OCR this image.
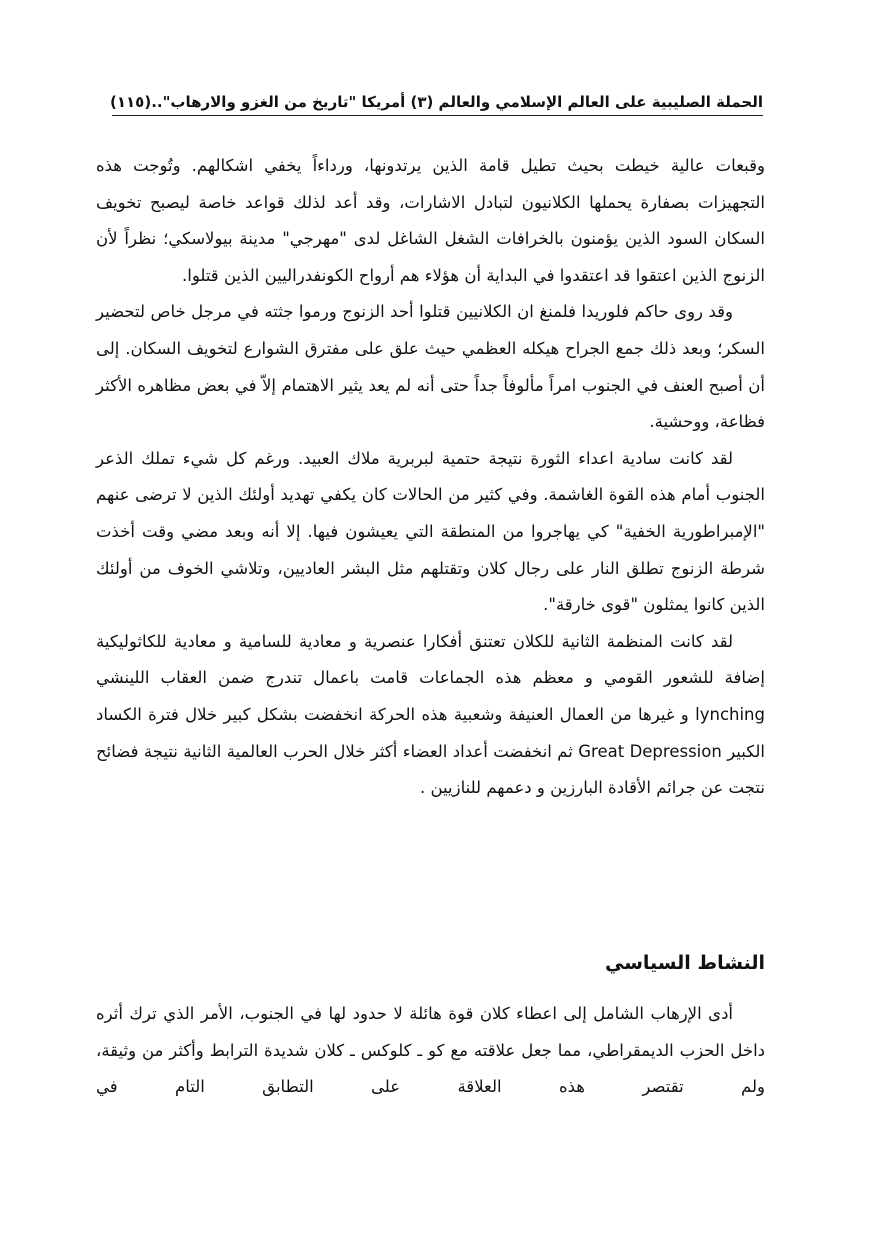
الحملة الصليبية على العالم الإسلامي والعالم (٣) أمريكا "تاريخ من الغزو والارهاب"..
(١١٥)

وقبعات عالية خيطت بحيث تطيل قامة الذين يرتدونها، ورداءاً يخفي اشكالهم. وتُوجت هذه التجهيزات بصفارة يحملها الكلانيون لتبادل الاشارات، وقد أعد لذلك قواعد خاصة ليصبح تخويف السكان السود الذين يؤمنون بالخرافات الشغل الشاغل لدى "مهرجي" مدينة بيولاسكي؛ نظراً لأن الزنوج الذين اعتقوا قد اعتقدوا في البداية أن هؤلاء هم أرواح الكونفدراليين الذين قتلوا.

وقد روى حاكم فلوريدا فلمنغ ان الكلانيين قتلوا أحد الزنوج ورموا جثته في مرجل خاص لتحضير السكر؛ وبعد ذلك جمع الجراح هيكله العظمي حيث علق على مفترق الشوارع لتخويف السكان. إلى أن أصبح العنف في الجنوب امراً مألوفاً جداً حتى أنه لم يعد يثير الاهتمام إلاّ في بعض مظاهره الأكثر فظاعة، ووحشية.

لقد كانت سادية اعداء الثورة نتيجة حتمية لبربرية ملاك العبيد. ورغم كل شيء تملك الذعر الجنوب أمام هذه القوة الغاشمة. وفي كثير من الحالات كان يكفي تهديد أولئك الذين لا ترضى عنهم "الإمبراطورية الخفية" كي يهاجروا من المنطقة التي يعيشون فيها. إلا أنه وبعد مضي وقت أخذت شرطة الزنوج تطلق النار على رجال كلان وتقتلهم مثل البشر العاديين، وتلاشي الخوف من أولئك الذين كانوا يمثلون "قوى خارقة".

لقد كانت المنظمة الثانية للكلان تعتنق أفكارا عنصرية و معادية للسامية و معادية للكاثوليكية إضافة للشعور القومي و معظم هذه الجماعات قامت باعمال تندرج ضمن العقاب اللينشي lynching و غيرها من العمال العنيفة وشعبية هذه الحركة انخفضت بشكل كبير خلال فترة الكساد الكبير Great Depression ثم انخفضت أعداد العضاء أكثر خلال الحرب العالمية الثانية نتيجة فضائح نتجت عن جرائم الأقادة البارزين و دعمهم للنازيين .

النشاط السياسي

أدى الإرهاب الشامل إلى اعطاء كلان قوة هائلة لا حدود لها في الجنوب، الأمر الذي ترك أثره داخل الحزب الديمقراطي، مما جعل علاقته مع كو ـ كلوكس ـ كلان شديدة الترابط وأكثر من وثيقة، ولم تقتصر هذه العلاقة على التطابق التام في
